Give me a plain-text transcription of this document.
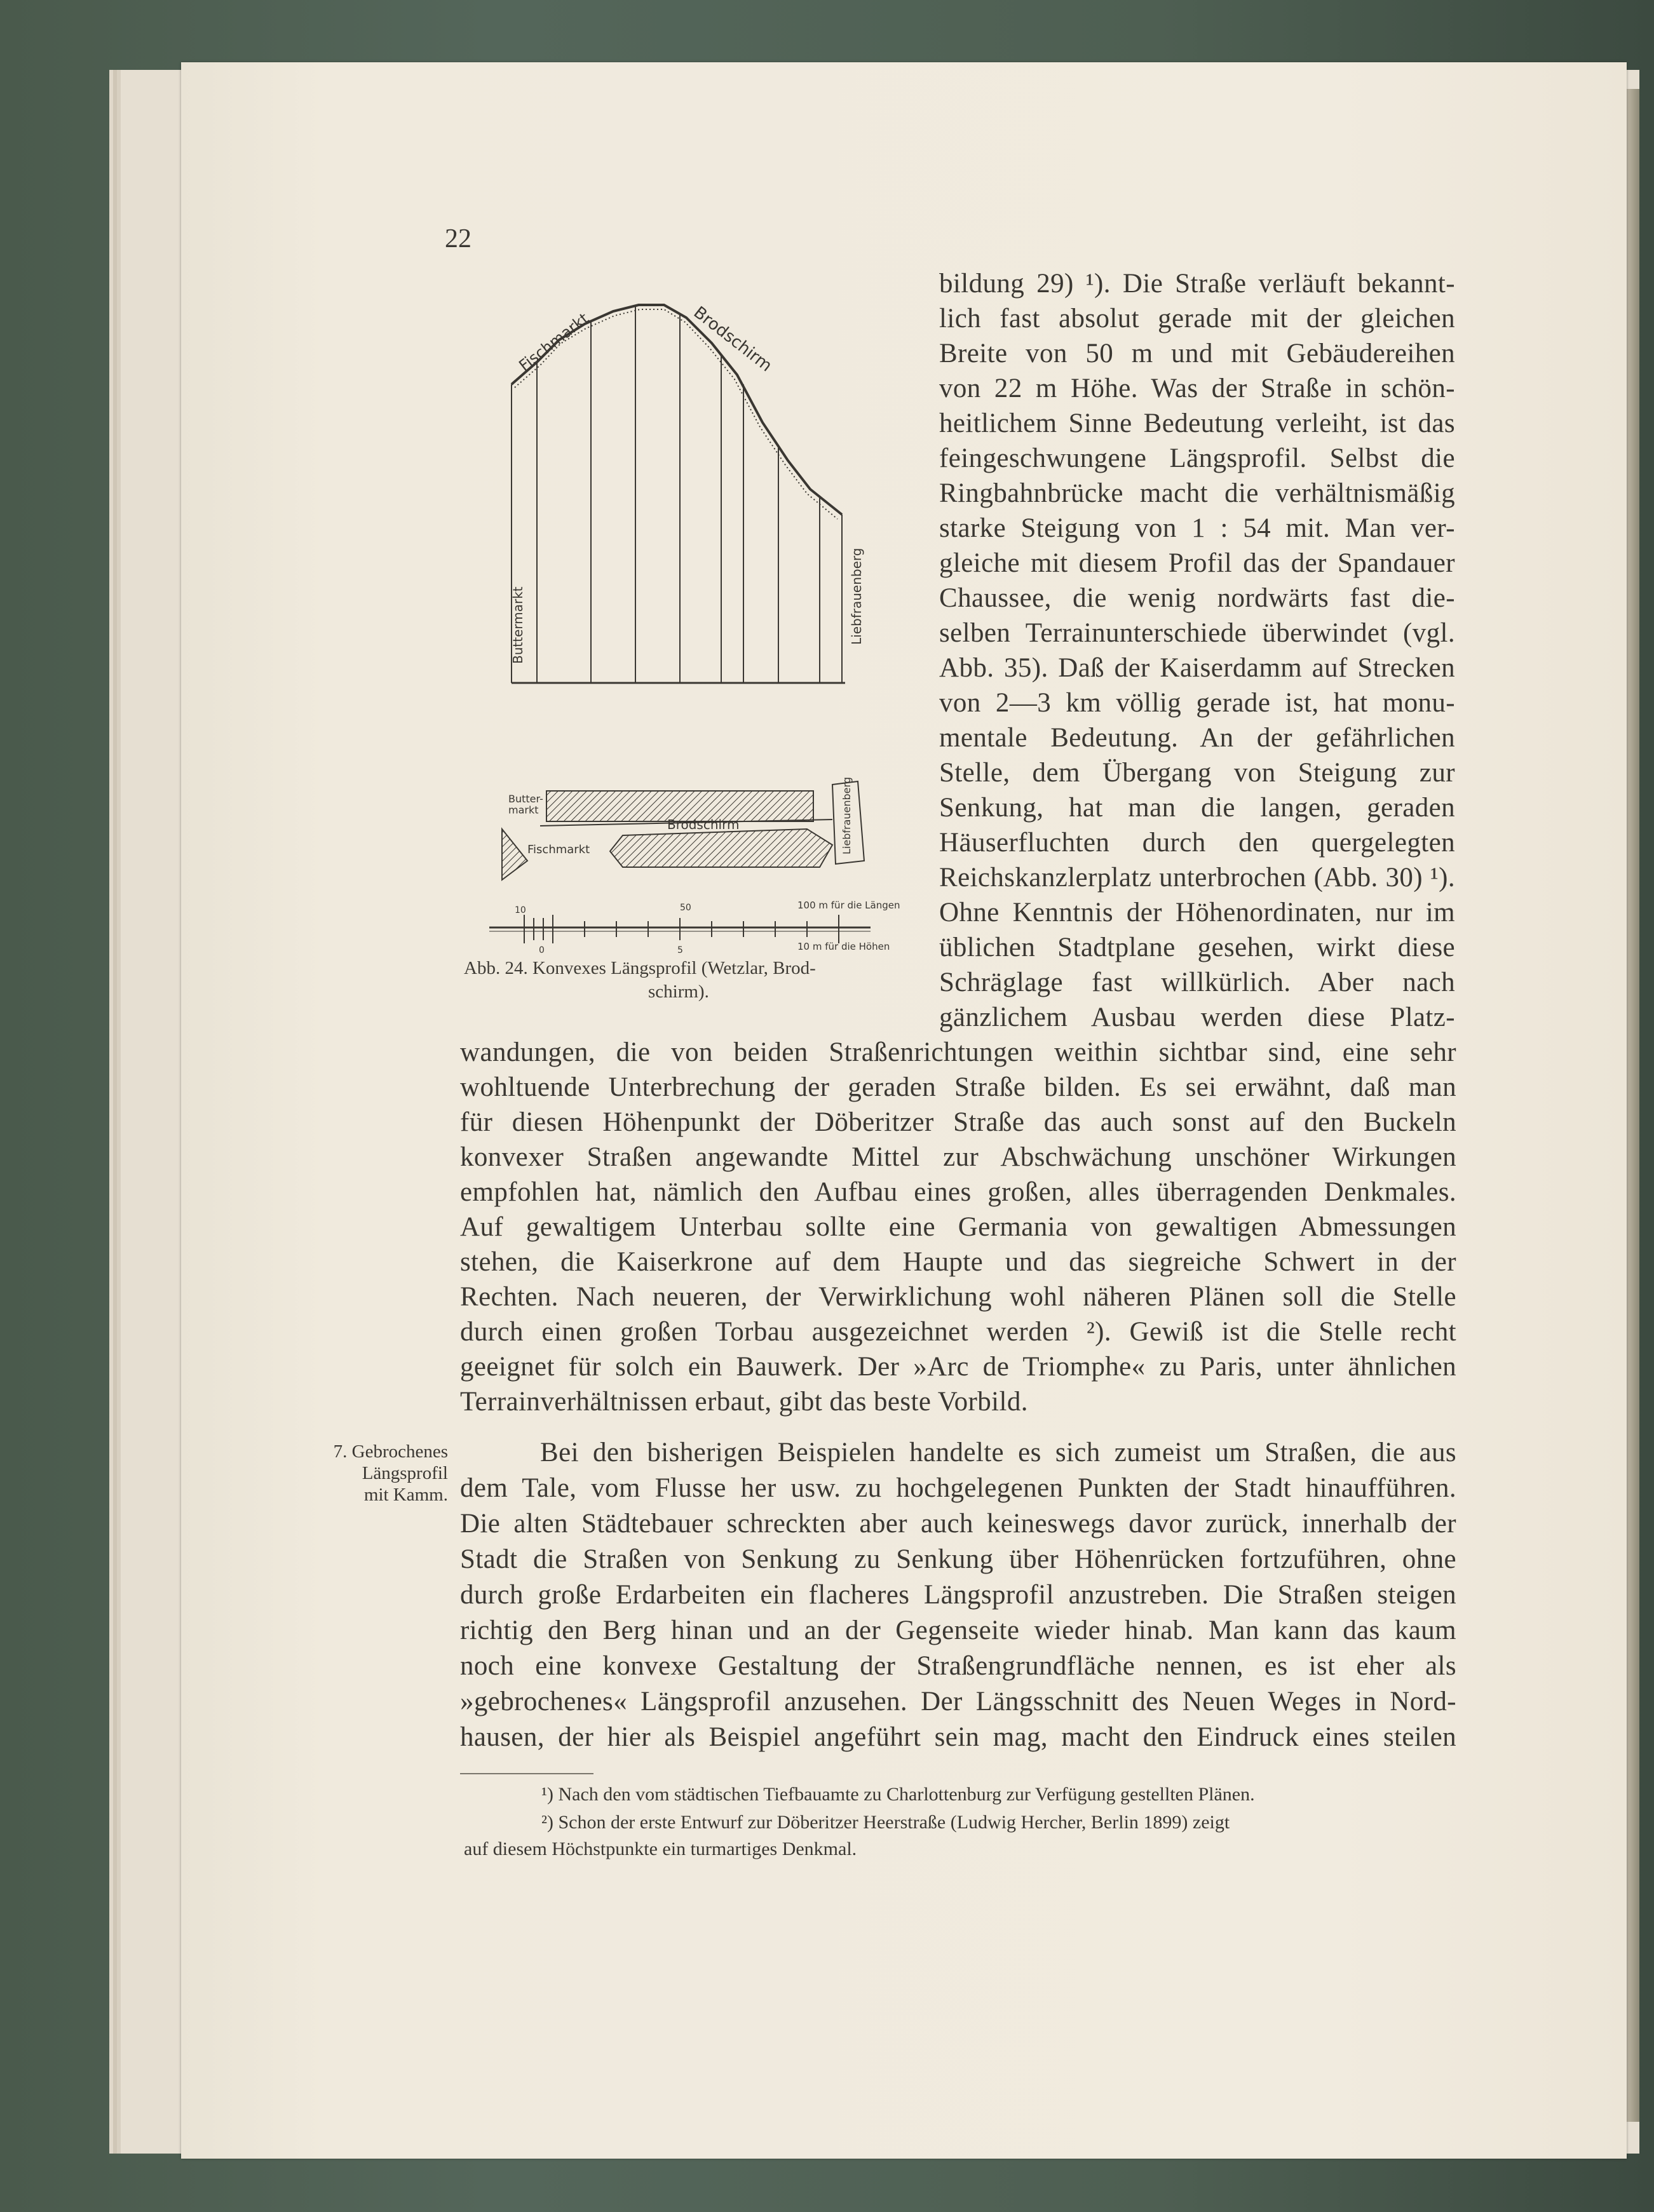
22
Fischmarkt	Brodschirm
Buttermarkt	Liebfrauenberg
Butter-markt
Brodschirm
Fischmarkt	Liebfrauenberg
10	50	100 m für die Längen
0	5	10 m für die Höhen
Abb. 24. Konvexes Längsprofil (Wetzlar, Brod-
schirm).
bildung 29) ¹). Die Straße verläuft bekannt-
lich fast absolut gerade mit der gleichen
Breite von 50 m und mit Gebäudereihen
von 22 m Höhe. Was der Straße in schön-
heitlichem Sinne Bedeutung verleiht, ist das
feingeschwungene Längsprofil. Selbst die
Ringbahnbrücke macht die verhältnismäßig
starke Steigung von 1 : 54 mit. Man ver-
gleiche mit diesem Profil das der Spandauer
Chaussee, die wenig nordwärts fast die-
selben Terrainunterschiede überwindet (vgl.
Abb. 35). Daß der Kaiserdamm auf Strecken
von 2—3 km völlig gerade ist, hat monu-
mentale Bedeutung. An der gefährlichen
Stelle, dem Übergang von Steigung zur
Senkung, hat man die langen, geraden
Häuserfluchten durch den quergelegten
Reichskanzlerplatz unterbrochen (Abb. 30) ¹).
Ohne Kenntnis der Höhenordinaten, nur im
üblichen Stadtplane gesehen, wirkt diese
Schräglage fast willkürlich. Aber nach
gänzlichem Ausbau werden diese Platz-
wandungen, die von beiden Straßenrichtungen weithin sichtbar sind, eine sehr
wohltuende Unterbrechung der geraden Straße bilden. Es sei erwähnt, daß man
für diesen Höhenpunkt der Döberitzer Straße das auch sonst auf den Buckeln
konvexer Straßen angewandte Mittel zur Abschwächung unschöner Wirkungen
empfohlen hat, nämlich den Aufbau eines großen, alles überragenden Denkmales.
Auf gewaltigem Unterbau sollte eine Germania von gewaltigen Abmessungen
stehen, die Kaiserkrone auf dem Haupte und das siegreiche Schwert in der
Rechten. Nach neueren, der Verwirklichung wohl näheren Plänen soll die Stelle
durch einen großen Torbau ausgezeichnet werden ²). Gewiß ist die Stelle recht
geeignet für solch ein Bauwerk. Der »Arc de Triomphe« zu Paris, unter ähnlichen
Terrainverhältnissen erbaut, gibt das beste Vorbild.
7. Gebrochenes
Längsprofil
mit Kamm.
Bei den bisherigen Beispielen handelte es sich zumeist um Straßen, die aus
dem Tale, vom Flusse her usw. zu hochgelegenen Punkten der Stadt hinaufführen.
Die alten Städtebauer schreckten aber auch keineswegs davor zurück, innerhalb der
Stadt die Straßen von Senkung zu Senkung über Höhenrücken fortzuführen, ohne
durch große Erdarbeiten ein flacheres Längsprofil anzustreben. Die Straßen steigen
richtig den Berg hinan und an der Gegenseite wieder hinab. Man kann das kaum
noch eine konvexe Gestaltung der Straßengrundfläche nennen, es ist eher als
»gebrochenes« Längsprofil anzusehen. Der Längsschnitt des Neuen Weges in Nord-
hausen, der hier als Beispiel angeführt sein mag, macht den Eindruck eines steilen
¹) Nach den vom städtischen Tiefbauamte zu Charlottenburg zur Verfügung gestellten Plänen.
²) Schon der erste Entwurf zur Döberitzer Heerstraße (Ludwig Hercher, Berlin 1899) zeigt
auf diesem Höchstpunkte ein turmartiges Denkmal.
